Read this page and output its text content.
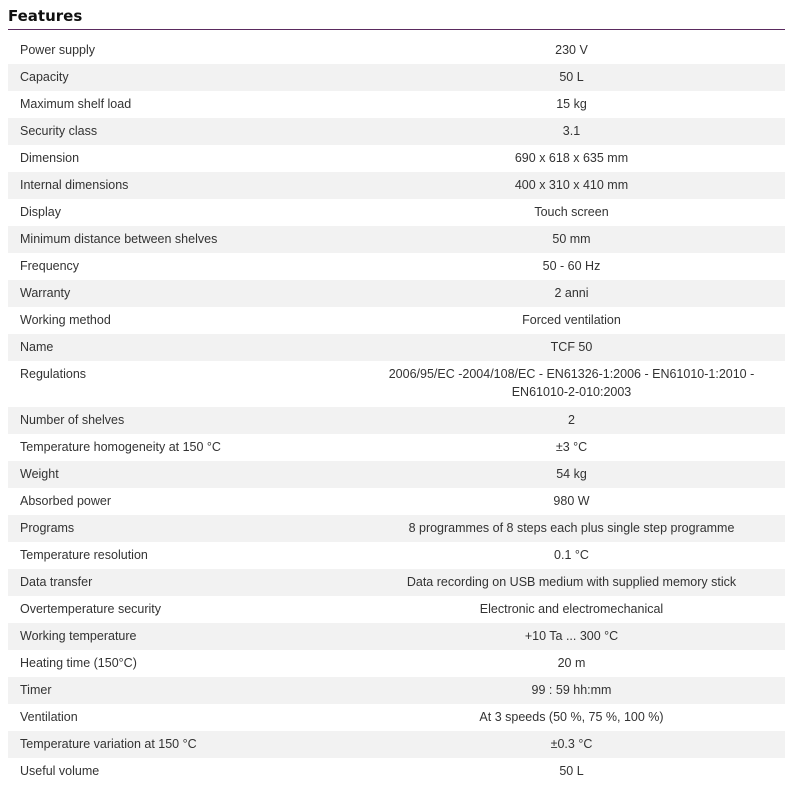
Features
Power supply	230 V
Capacity	50 L
Maximum shelf load	15 kg
Security class	3.1
Dimension	690 x 618 x 635 mm
Internal dimensions	400 x 310 x 410 mm
Display	Touch screen
Minimum distance between shelves	50 mm
Frequency	50 - 60 Hz
Warranty	2 anni
Working method	Forced ventilation
Name	TCF 50
Regulations	2006/95/EC -2004/108/EC - EN61326-1:2006 - EN61010-1:2010 - EN61010-2-010:2003
Number of shelves	2
Temperature homogeneity at 150 °C	±3 °C
Weight	54 kg
Absorbed power	980 W
Programs	8 programmes of 8 steps each plus single step programme
Temperature resolution	0.1 °C
Data transfer	Data recording on USB medium with supplied memory stick
Overtemperature security	Electronic and electromechanical
Working temperature	+10 Ta ... 300 °C
Heating time (150°C)	20 m
Timer	99 : 59 hh:mm
Ventilation	At 3 speeds (50 %, 75 %, 100 %)
Temperature variation at 150 °C	±0.3 °C
Useful volume	50 L
